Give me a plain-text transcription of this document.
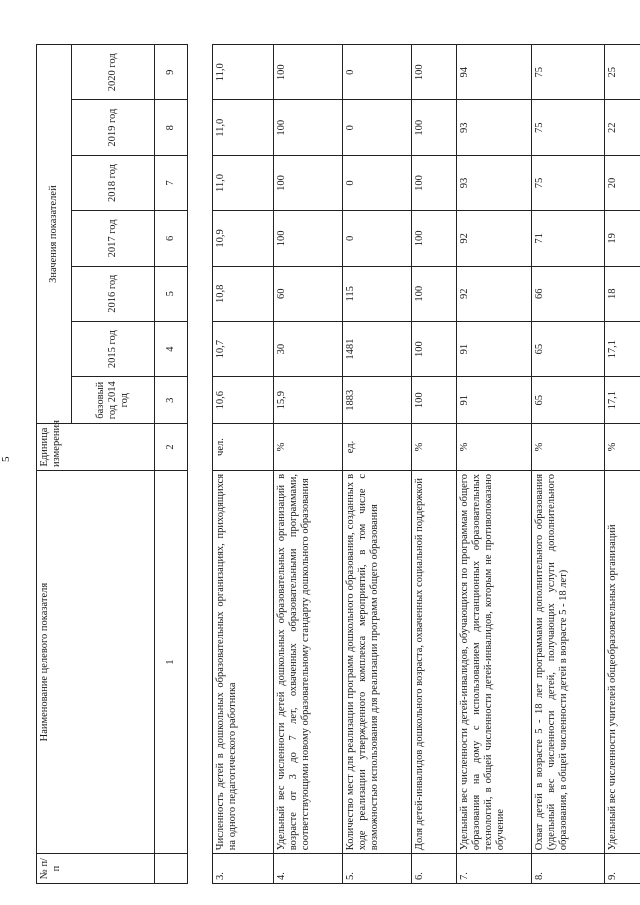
5
№ п/п	Наименование целевого показателя	Единица измерения	Значения показателей						
			базовый год 2014 год	2015 год	2016 год	2017 год	2018 год	2019 год	2020 год
	1	2	3	4	5	6	7	8	9

3.	Численность детей в дошкольных образовательных организациях, приходящихся на одного педагогического работника	чел.	10,6	10,7	10,8	10,9	11,0	11,0	11,0
4.	Удельный вес численности детей дошкольных образовательных организаций в возрасте от 3 до 7 лет, охваченных образовательными программами, соответствующими новому образовательному стандарту дошкольного образования	%	15,9	30	60	100	100	100	100
5.	Количество мест для реализации программ дошкольного образования, созданных в ходе реализации утвержденного комплекса мероприятий, в том числе с возможностью использования для реализации программ общего образования	ед.	1883	1481	115	0	0	0	0
6.	Доля детей-инвалидов дошкольного возраста, охваченных социальной поддержкой	%	100	100	100	100	100	100	100
7.	Удельный вес численности детей-инвалидов, обучающихся по программам общего образования на дому с использованием дистанционных образовательных технологий, в общей численности детей-инвалидов, которым не противопоказано обучение	%	91	91	92	92	93	93	94
8.	Охват детей в возрасте 5 - 18 лет программами дополнительного образования (удельный вес численности детей, получающих услуги дополнительного образования, в общей численности детей в возрасте 5 - 18 лет)	%	65	65	66	71	75	75	75
9.	Удельный вес численности учителей общеобразовательных организаций	%	17,1	17,1	18	19	20	22	25
